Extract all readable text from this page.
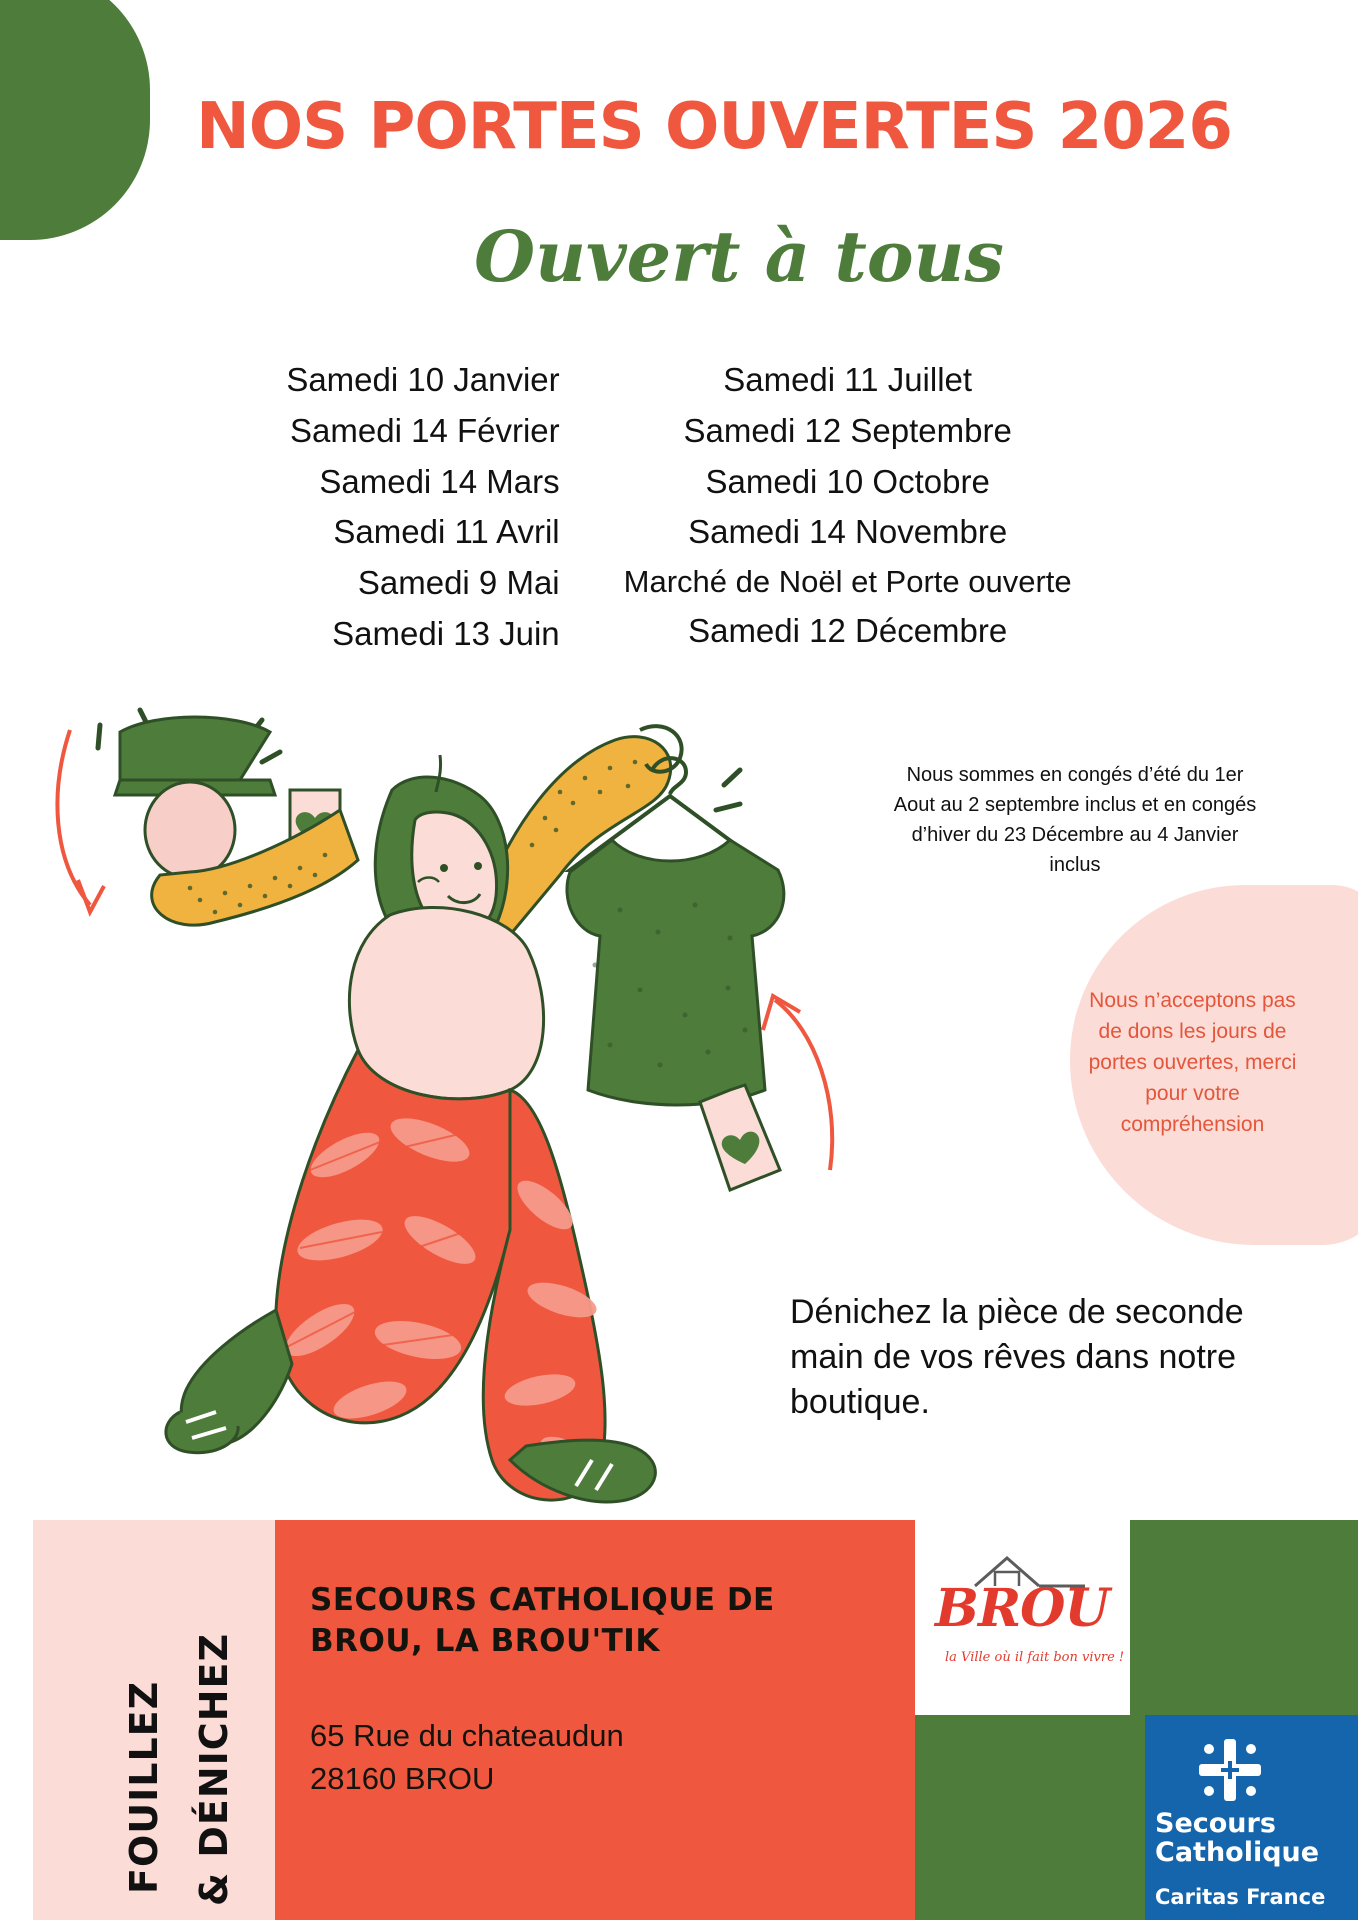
NOS PORTES OUVERTES 2026
Ouvert à tous
Samedi 10 Janvier
Samedi 14 Février
Samedi 14 Mars
Samedi 11 Avril
Samedi 9 Mai
Samedi 13 Juin
Samedi 11 Juillet
Samedi 12 Septembre
Samedi 10 Octobre
Samedi 14 Novembre
Marché de Noël et Porte ouverte
Samedi 12 Décembre
Nous sommes en congés d’été du 1er Aout au 2 septembre inclus et en congés d’hiver du 23 Décembre au 4 Janvier inclus
Nous n’acceptons pas de dons les jours de portes ouvertes, merci pour votre compréhension
Dénichez la pièce de seconde main de vos rêves dans notre boutique.
FOUILLEZ & DÉNICHEZ
SECOURS CATHOLIQUE DE BROU, LA BROU'TIK
65 Rue du chateaudun
28160 BROU
BROU
la Ville où il fait bon vivre !
Secours
Catholique
Caritas France
